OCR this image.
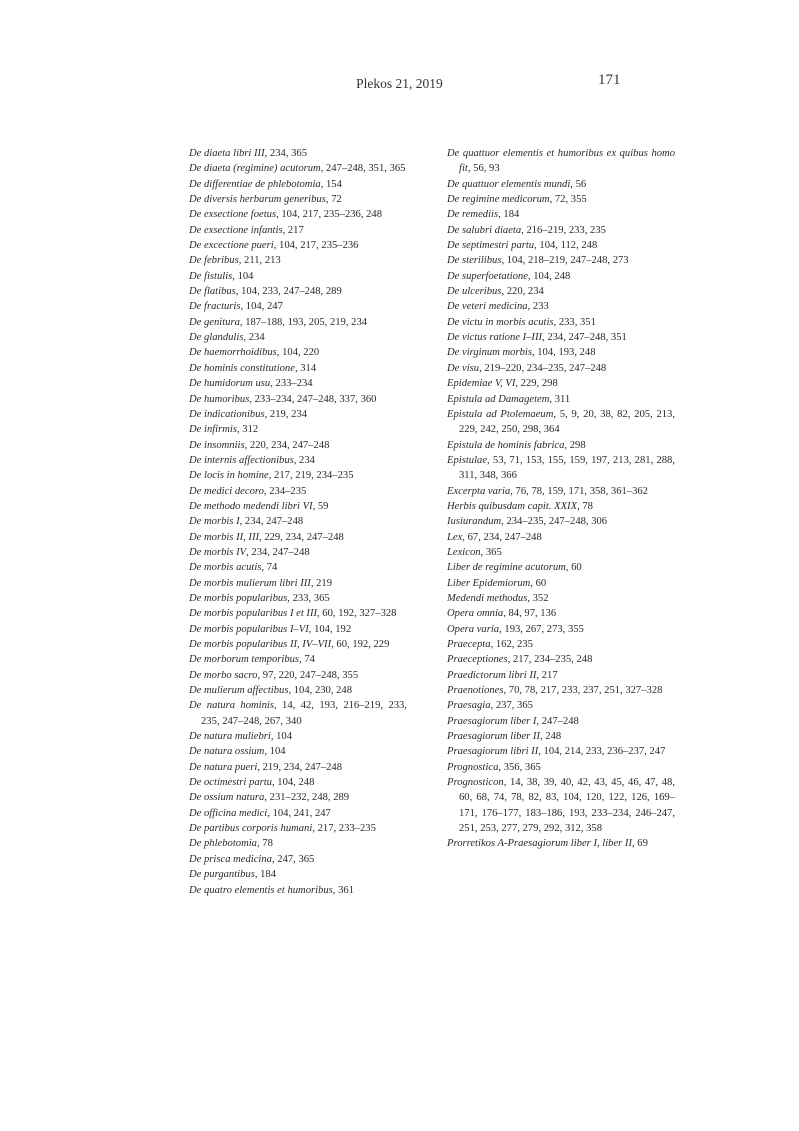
Plekos 21, 2019	171
De diaeta libri III, 234, 365
De diaeta (regimine) acutorum, 247–248, 351, 365
De differentiae de phlebotomia, 154
De diversis herbarum generibus, 72
De exsectione foetus, 104, 217, 235–236, 248
De exsectione infantis, 217
De excectione pueri, 104, 217, 235–236
De febribus, 211, 213
De fistulis, 104
De flatibus, 104, 233, 247–248, 289
De fracturis, 104, 247
De genitura, 187–188, 193, 205, 219, 234
De glandulis, 234
De haemorrhoidibus, 104, 220
De hominis constitutione, 314
De humidorum usu, 233–234
De humoribus, 233–234, 247–248, 337, 360
De indicationibus, 219, 234
De infirmis, 312
De insomniis, 220, 234, 247–248
De internis affectionibus, 234
De locis in homine, 217, 219, 234–235
De medici decoro, 234–235
De methodo medendi libri VI, 59
De morbis I, 234, 247–248
De morbis II, III, 229, 234, 247–248
De morbis IV, 234, 247–248
De morbis acutis, 74
De morbis mulierum libri III, 219
De morbis popularibus, 233, 365
De morbis popularibus I et III, 60, 192, 327–328
De morbis popularibus I–VI, 104, 192
De morbis popularibus II, IV–VII, 60, 192, 229
De morborum temporibus, 74
De morbo sacro, 97, 220, 247–248, 355
De mulierum affectibus, 104, 230, 248
De natura hominis, 14, 42, 193, 216–219, 233, 235, 247–248, 267, 340
De natura muliebri, 104
De natura ossium, 104
De natura pueri, 219, 234, 247–248
De octimestri partu, 104, 248
De ossium natura, 231–232, 248, 289
De officina medici, 104, 241, 247
De partibus corporis humani, 217, 233–235
De phlebotomia, 78
De prisca medicina, 247, 365
De purgantibus, 184
De quatro elementis et humoribus, 361
De quattuor elementis et humoribus ex quibus homo fit, 56, 93
De quattuor elementis mundi, 56
De regimine medicorum, 72, 355
De remediis, 184
De salubri diaeta, 216–219, 233, 235
De septimestri partu, 104, 112, 248
De sterilibus, 104, 218–219, 247–248, 273
De superfoetatione, 104, 248
De ulceribus, 220, 234
De veteri medicina, 233
De victu in morbis acutis, 233, 351
De victus ratione I–III, 234, 247–248, 351
De virginum morbis, 104, 193, 248
De visu, 219–220, 234–235, 247–248
Epidemiae V, VI, 229, 298
Epistula ad Damagetem, 311
Epistula ad Ptolemaeum, 5, 9, 20, 38, 82, 205, 213, 229, 242, 250, 298, 364
Epistula de hominis fabrica, 298
Epistulae, 53, 71, 153, 155, 159, 197, 213, 281, 288, 311, 348, 366
Excerpta varia, 76, 78, 159, 171, 358, 361–362
Herbis quibusdam capit. XXIX, 78
Iusiurandum, 234–235, 247–248, 306
Lex, 67, 234, 247–248
Lexicon, 365
Liber de regimine acutorum, 60
Liber Epidemiorum, 60
Medendi methodus, 352
Opera omnia, 84, 97, 136
Opera varia, 193, 267, 273, 355
Praecepta, 162, 235
Praeceptiones, 217, 234–235, 248
Praedictorum libri II, 217
Praenotiones, 70, 78, 217, 233, 237, 251, 327–328
Praesagia, 237, 365
Praesagiorum liber I, 247–248
Praesagiorum liber II, 248
Praesagiorum libri II, 104, 214, 233, 236–237, 247
Prognostica, 356, 365
Prognosticon, 14, 38, 39, 40, 42, 43, 45, 46, 47, 48, 60, 68, 74, 78, 82, 83, 104, 120, 122, 126, 169–171, 176–177, 183–186, 193, 233–234, 246–247, 251, 253, 277, 279, 292, 312, 358
Prorretikos A-Praesagiorum liber I, liber II, 69
